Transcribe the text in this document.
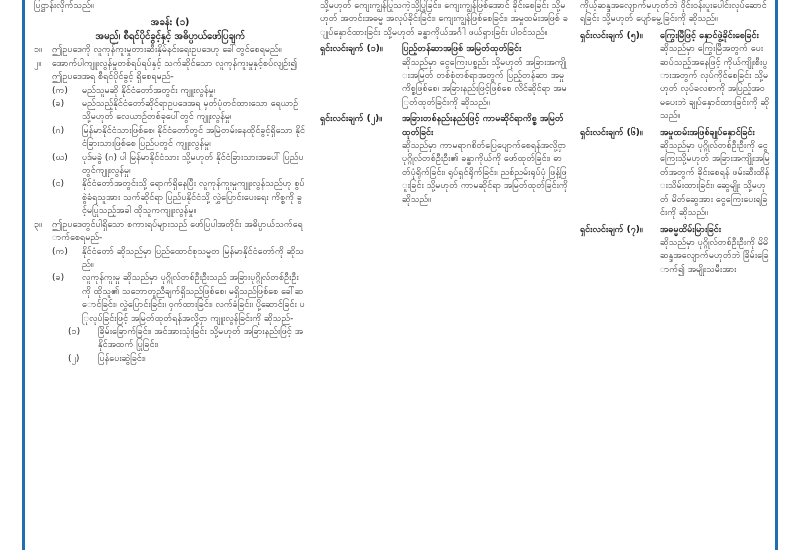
ပြဋ္ဌာန်းလိုက်သည်။

အခန်း (၁)

အမည်၊ စီရင်ပိုင်ခွင့်နှင့် အဓိပ္ပာယ်ဖော်ပြချက်

၁။	ဤဥပဒေကို လူကုန်ကူးမှုတားဆီးနှိမ်နင်းရေးဥပဒေဟု ခေါ်တွင်စေရမည်။

၂။	အောက်ပါကျူးလွန်မှုတစ်ရပ်ရပ်နှင့် သက်ဆိုင်သော လူကုန်ကူးမှုနှင့်စပ်လျဉ်း၍ ဤဥပဒေအရ စီရင်ပိုင်ခွင့် ရှိစေရမည်-

(က)	မည်သူမဆို နိုင်ငံတော်အတွင်း ကျူးလွန်မှု၊

(ခ)	မည်သည့်နိုင်ငံတော်ဆိုင်ရာဥပဒေအရ မှတ်ပုံတင်ထားသော ရေယာဉ် သို့မဟုတ် လေယာဉ်တစ်ခုပေါ်တွင် ကျူးလွန်မှု၊

(ဂ)	မြန်မာနိုင်ငံသားဖြစ်စေ၊ နိုင်ငံတော်တွင် အမြဲတမ်းနေထိုင်ခွင့်ရှိသော နိုင်ငံခြားသားဖြစ်စေ ပြည်ပတွင် ကျူးလွန်မှု၊

(ဃ)	ပုဒ်မခွဲ (ဂ) ပါ မြန်မာနိုင်ငံသား သို့မဟုတ် နိုင်ငံခြားသားအပေါ် ပြည်ပတွင်ကျူးလွန်မှု၊

(င)	နိုင်ငံတော်အတွင်းသို့ ရောက်ရှိနေပြီး လူကုန်ကူးမှုကျူးလွန်သည်ဟု စွပ်စွဲခံရသူအား သက်ဆိုင်ရာ ပြည်ပနိုင်ငံသို့ လွှဲပြောင်းပေးရေး ကိစ္စကို ခွင့်မပြုသည့်အခါ ထိုသူကကျူးလွန်မှု။

၃။	ဤဥပဒေတွင်ပါရှိသော စကားရပ်များသည် ဖော်ပြပါအတိုင်း အဓိပ္ပာယ်သက်ရောက်စေရမည်-

(က)	နိုင်ငံတော် ဆိုသည်မှာ ပြည်ထောင်စုသမ္မတ မြန်မာနိုင်ငံတော်ကို ဆိုသည်။

(ခ)	လူကုန်ကူးမှု ဆိုသည်မှာ ပုဂ္ဂိုလ်တစ်ဦးဦးသည် အခြားပုဂ္ဂိုလ်တစ်ဦးဦးကို ထိုသူ၏ သဘောတူညီချက်ရှိသည်ဖြစ်စေ၊ မရှိသည်ဖြစ်စေ ခေါ်ဆောင်ခြင်း၊ လွှဲပြောင်းခြင်း၊ ဝှက်ထားခြင်း၊ လက်ခံခြင်း၊ ပို့ဆောင်ခြင်း ပြုလုပ်ခြင်းဖြင့် အမြတ်ထုတ်ရန်အလို့ငှာ ကျူးလွန်ခြင်းကို ဆိုသည်-

(၁)	ခြိမ်းခြောက်ခြင်း၊ အင်အားသုံးခြင်း သို့မဟုတ် အခြားနည်းဖြင့် အနိုင်အထက် ပြုခြင်း၊

(၂)	ပြန်ပေးဆွဲခြင်း၊

သို့မဟုတ် ကျေးကျွန်ပြုသကဲ့သို့ပြုခြင်း၊ ကျေးကျွန်ဖြစ်အောင် ခိုင်းစေခြင်း သို့မဟုတ် အတင်းအဓမ္မ အလုပ်ခိုင်းခြင်း၊ ကျေးကျွန်ဖြစ်စေခြင်း၊ အမှုထမ်းအဖြစ် ချုပ်နှောင်ထားခြင်း သို့မဟုတ် ခန္ဓာကိုယ်အင်္ဂါ ဖယ်ရှားခြင်း ပါဝင်သည်။

ရှင်းလင်းချက် (၁)။	ပြည့်တန်ဆာအဖြစ် အမြတ်ထုတ်ခြင်း

ဆိုသည်မှာ ငွေကြေးပစ္စည်း သို့မဟုတ် အခြားအကျိုးအမြတ် တစ်စုံတစ်ရာအတွက် ပြည့်တန်ဆာ အမှုကိစ္စဖြစ်စေ၊ အခြားနည်းဖြင့်ဖြစ်စေ လိင်ဆိုင်ရာ အမြတ်ထုတ်ခြင်းကို ဆိုသည်။

ရှင်းလင်းချက် (၂)။	အခြားတစ်နည်းနည်းဖြင့် ကာမဆိုင်ရာကိစ္စ အမြတ်ထုတ်ခြင်း

ဆိုသည်မှာ ကာမရာဂစိတ်ပြေပျောက်စေရန်အလို့ငှာ ပုဂ္ဂိုလ်တစ်ဦးဦး၏ ခန္ဓာကိုယ်ကို ဖော်ထုတ်ခြင်း၊ ဓာတ်ပုံရိုက်ခြင်း၊ ရုပ်ရှင်ရိုက်ခြင်း၊ ညစ်ညမ်းရုပ်ပုံ ဖြန့်ဖြူးခြင်း သို့မဟုတ် ကာမဆိုင်ရာ အမြတ်ထုတ်ခြင်းကို ဆိုသည်။

ကိုယ့်ဆန္ဒအလျောက်မဟုတ်ဘဲ ဝိုင်းဝန်းပူးပေါင်းလုပ်ဆောင်ရခြင်း သို့မဟုတ် ပျော်မွေ့ခြင်းကို ဆိုသည်။

ရှင်းလင်းချက် (၅)။	ကြွေးမြီဖြင့် နှောင်ဖွဲ့ခိုင်းစေခြင်း

ဆိုသည်မှာ ကြွေးမြီအတွက် ပေးဆပ်သည့်အနေဖြင့် ကိုယ်ကျိုးစီးပွားအတွက် လုပ်ကိုင်စေခြင်း သို့မဟုတ် လုပ်ခလစာကို အပြည့်အဝ မပေးဘဲ ချုပ်နှောင်ထားခြင်းကို ဆိုသည်။

ရှင်းလင်းချက် (၆)။	အမှုထမ်းအဖြစ်ချုပ်နှောင်ခြင်း

ဆိုသည်မှာ ပုဂ္ဂိုလ်တစ်ဦးဦးကို ငွေကြေးသို့မဟုတ် အခြားအကျိုးအမြတ်အတွက် ခိုင်းစေရန် ဖမ်းဆီးထိန်းသိမ်းထားခြင်း၊ ဆွေမျိုး သို့မဟုတ် မိတ်ဆွေအား ငွေကြေးပေးရခြင်းကို ဆိုသည်။

ရှင်းလင်းချက် (၇)။	အဓမ္မထိမ်းမြားခြင်း

ဆိုသည်မှာ ပုဂ္ဂိုလ်တစ်ဦးဦးကို မိမိဆန္ဒအလျောက်မဟုတ်ဘဲ ခြိမ်းခြောက်၍ အမျိုးသမီးအား
